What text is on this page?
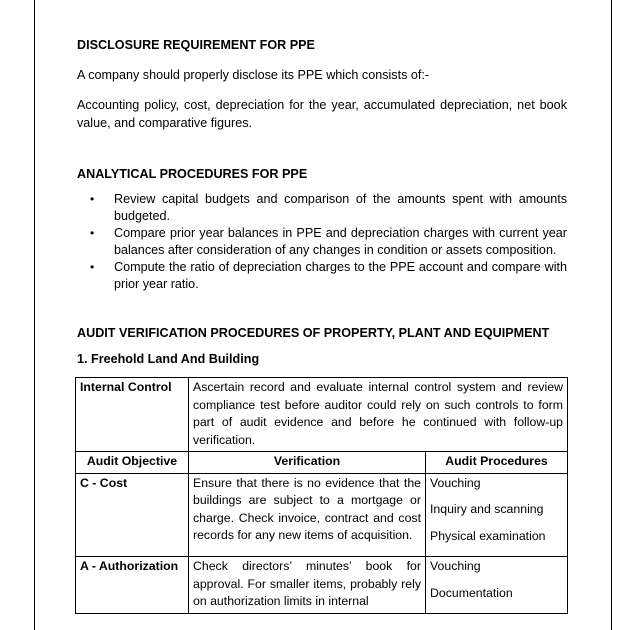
DISCLOSURE REQUIREMENT FOR PPE

A company should properly disclose its PPE which consists of:-

Accounting policy, cost, depreciation for the year, accumulated depreciation, net book value, and comparative figures.

ANALYTICAL PROCEDURES FOR PPE
• Review capital budgets and comparison of the amounts spent with amounts budgeted.
• Compare prior year balances in PPE and depreciation charges with current year balances after consideration of any changes in condition or assets composition.
• Compute the ratio of depreciation charges to the PPE account and compare with prior year ratio.
AUDIT VERIFICATION PROCEDURES OF PROPERTY, PLANT AND EQUIPMENT
1. Freehold Land And Building
Internal Control	Ascertain record and evaluate internal control system and review compliance test before auditor could rely on such controls to form part of audit evidence and before he continued with follow-up verification.	
Audit Objective	Verification	Audit Procedures
C - Cost	Ensure that there is no evidence that the buildings are subject to a mortgage or charge. Check invoice, contract and cost records for any new items of acquisition.	Vouching
Inquiry and scanning
Physical examination

A - Authorization	Check directors’ minutes’ book for approval. For smaller items, probably rely on authorization limits in internal	Vouching
Documentation
